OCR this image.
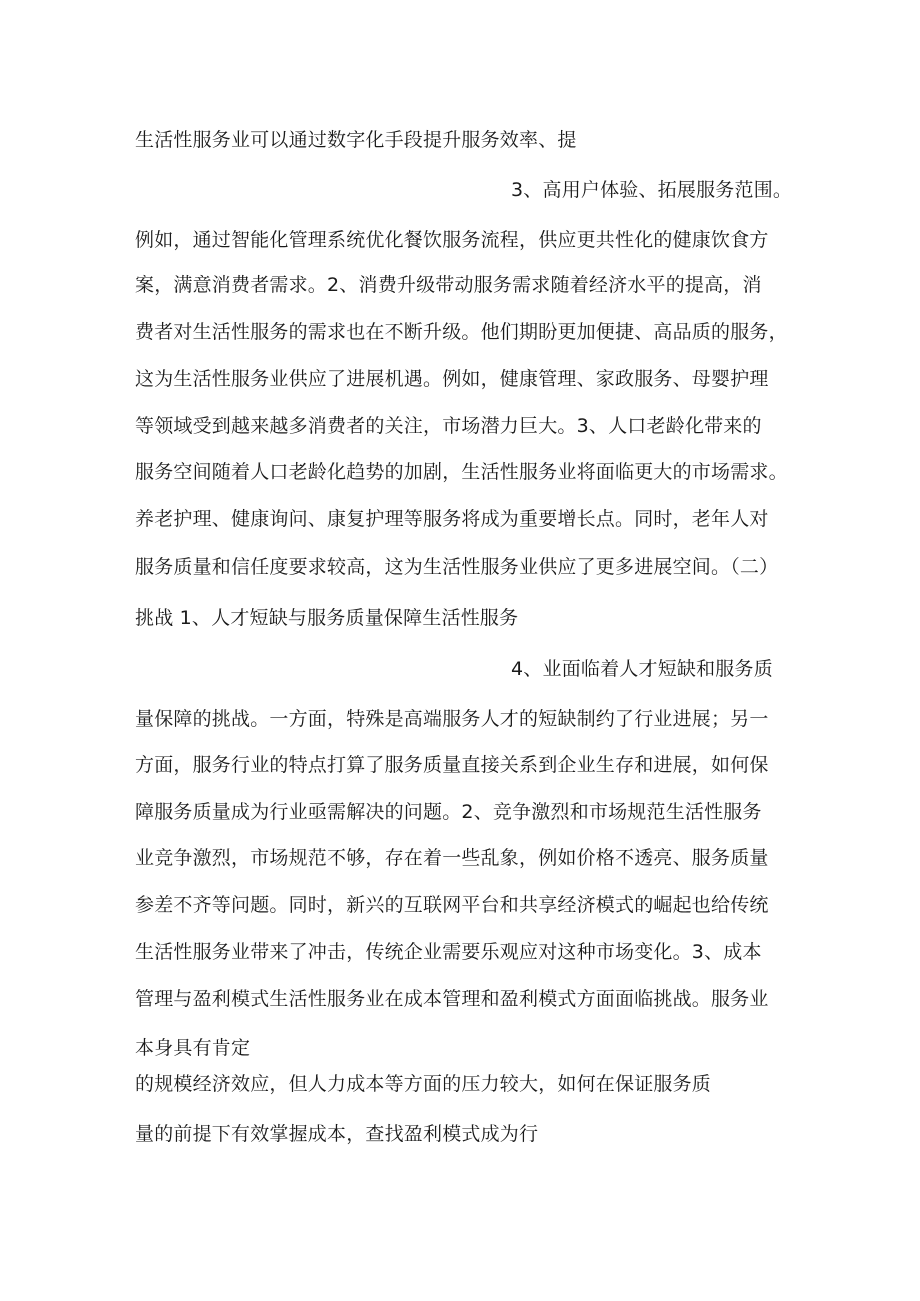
生活性服务业可以通过数字化手段提升服务效率、提
3、高用户体验、拓展服务范围。
例如，通过智能化管理系统优化餐饮服务流程，供应更共性化的健康饮食方
案，满意消费者需求。2、消费升级带动服务需求随着经济水平的提高，消
费者对生活性服务的需求也在不断升级。他们期盼更加便捷、高品质的服务，
这为生活性服务业供应了进展机遇。例如，健康管理、家政服务、母婴护理
等领域受到越来越多消费者的关注，市场潜力巨大。3、人口老龄化带来的
服务空间随着人口老龄化趋势的加剧，生活性服务业将面临更大的市场需求。
养老护理、健康询问、康复护理等服务将成为重要增长点。同时，老年人对
服务质量和信任度要求较高，这为生活性服务业供应了更多进展空间。（二）
挑战 1、人才短缺与服务质量保障生活性服务
4、业面临着人才短缺和服务质
量保障的挑战。一方面，特殊是高端服务人才的短缺制约了行业进展；另一
方面，服务行业的特点打算了服务质量直接关系到企业生存和进展，如何保
障服务质量成为行业亟需解决的问题。2、竞争激烈和市场规范生活性服务
业竞争激烈，市场规范不够，存在着一些乱象，例如价格不透亮、服务质量
参差不齐等问题。同时，新兴的互联网平台和共享经济模式的崛起也给传统
生活性服务业带来了冲击，传统企业需要乐观应对这种市场变化。3、成本
管理与盈利模式生活性服务业在成本管理和盈利模式方面面临挑战。服务业
本身具有肯定
的规模经济效应，但人力成本等方面的压力较大，如何在保证服务质
量的前提下有效掌握成本，查找盈利模式成为行
